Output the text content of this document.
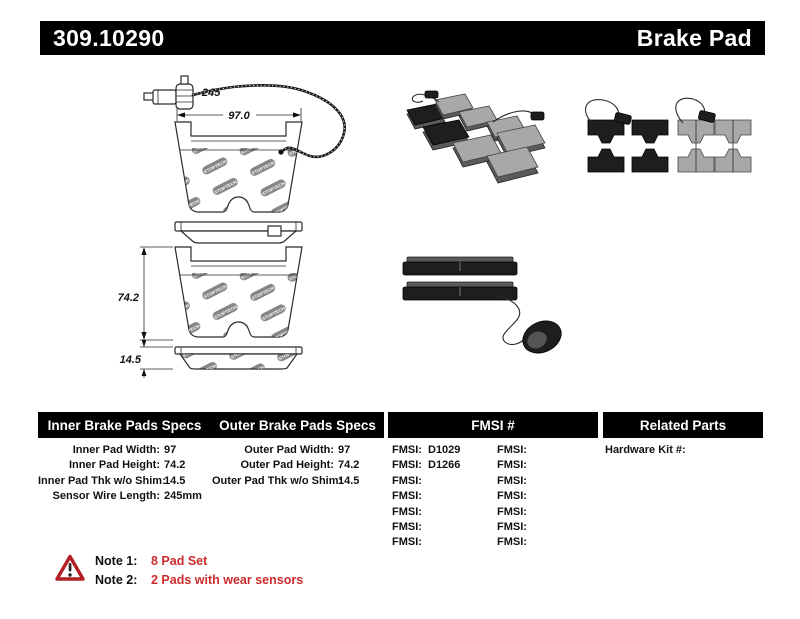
309.10290	Brake Pad
245
97.0
74.2
14.5
Inner Brake Pads Specs	Outer Brake Pads Specs	FMSI #	Related Parts
Inner Pad Width: 97
Inner Pad Height: 74.2
Inner Pad Thk w/o Shim:
14.5
Sensor Wire Length: 245mm
Outer Pad Width: 97
Outer Pad Height: 74.2
Outer Pad Thk w/o Shim:
14.5
FMSI: D1029
FMSI: D1266
FMSI:
FMSI:
FMSI:
FMSI:
FMSI:
FMSI:
FMSI:
FMSI:
FMSI:
FMSI:
FMSI:
FMSI:
Hardware Kit #:
Note 1:	8 Pad Set
Note 2:	2 Pads with wear sensors
